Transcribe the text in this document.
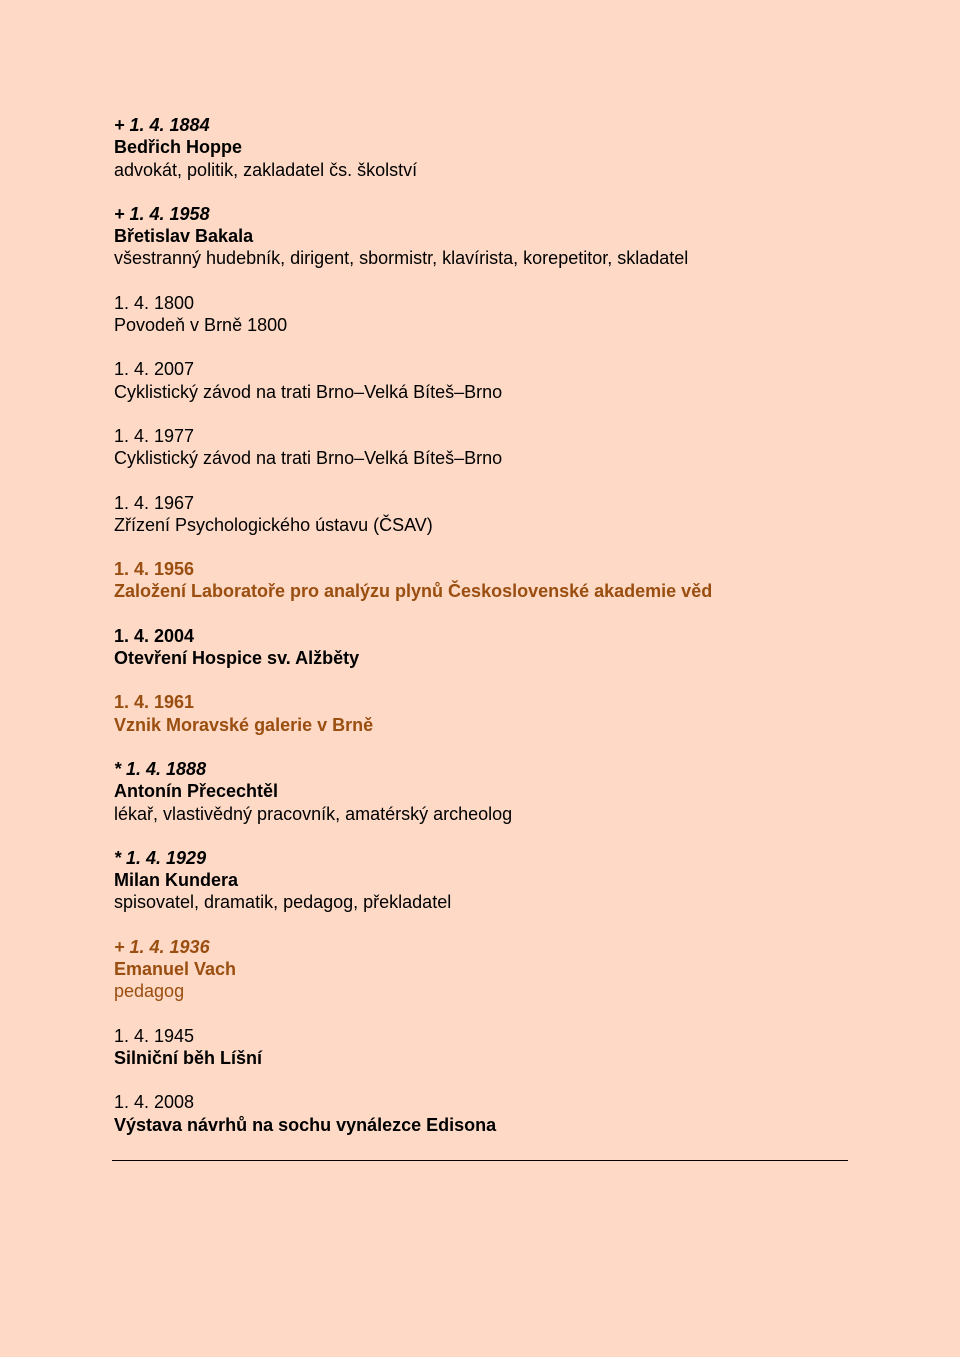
+ 1. 4. 1884
Bedřich Hoppe
advokát, politik, zakladatel čs. školství
+ 1. 4. 1958
Břetislav Bakala
všestranný hudebník, dirigent, sbormistr, klavírista, korepetitor, skladatel
1. 4. 1800
Povodeň v Brně 1800
1. 4. 2007
Cyklistický závod na trati Brno–Velká Bíteš–Brno
1. 4. 1977
Cyklistický závod na trati Brno–Velká Bíteš–Brno
1. 4. 1967
Zřízení Psychologického ústavu (ČSAV)
1. 4. 1956
Založení Laboratoře pro analýzu plynů Československé akademie věd
1. 4. 2004
Otevření Hospice sv. Alžběty
1. 4. 1961
Vznik Moravské galerie v Brně
* 1. 4. 1888
Antonín Přecechtěl
lékař, vlastivědný pracovník, amatérský archeolog
* 1. 4. 1929
Milan Kundera
spisovatel, dramatik, pedagog, překladatel
+ 1. 4. 1936
Emanuel Vach
pedagog
1. 4. 1945
Silniční běh Líšní
1. 4. 2008
Výstava návrhů na sochu vynálezce Edisona
